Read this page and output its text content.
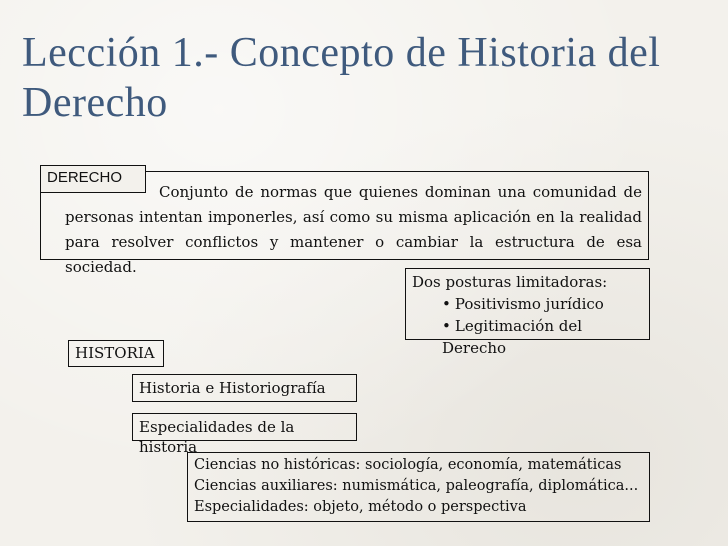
Lección 1.- Concepto de Historia del Derecho
Conjunto de normas que quienes dominan una comunidad de personas intentan imponerles, así como su misma aplicación en la realidad para resolver conflictos y mantener o cambiar la estructura de esa sociedad.
DERECHO
Dos posturas limitadoras:
• Positivismo jurídico
• Legitimación del Derecho
HISTORIA
Historia e Historiografía
Especialidades de la historia
Ciencias no históricas: sociología, economía, matemáticas
Ciencias auxiliares: numismática, paleografía, diplomática...
Especialidades: objeto, método o perspectiva
